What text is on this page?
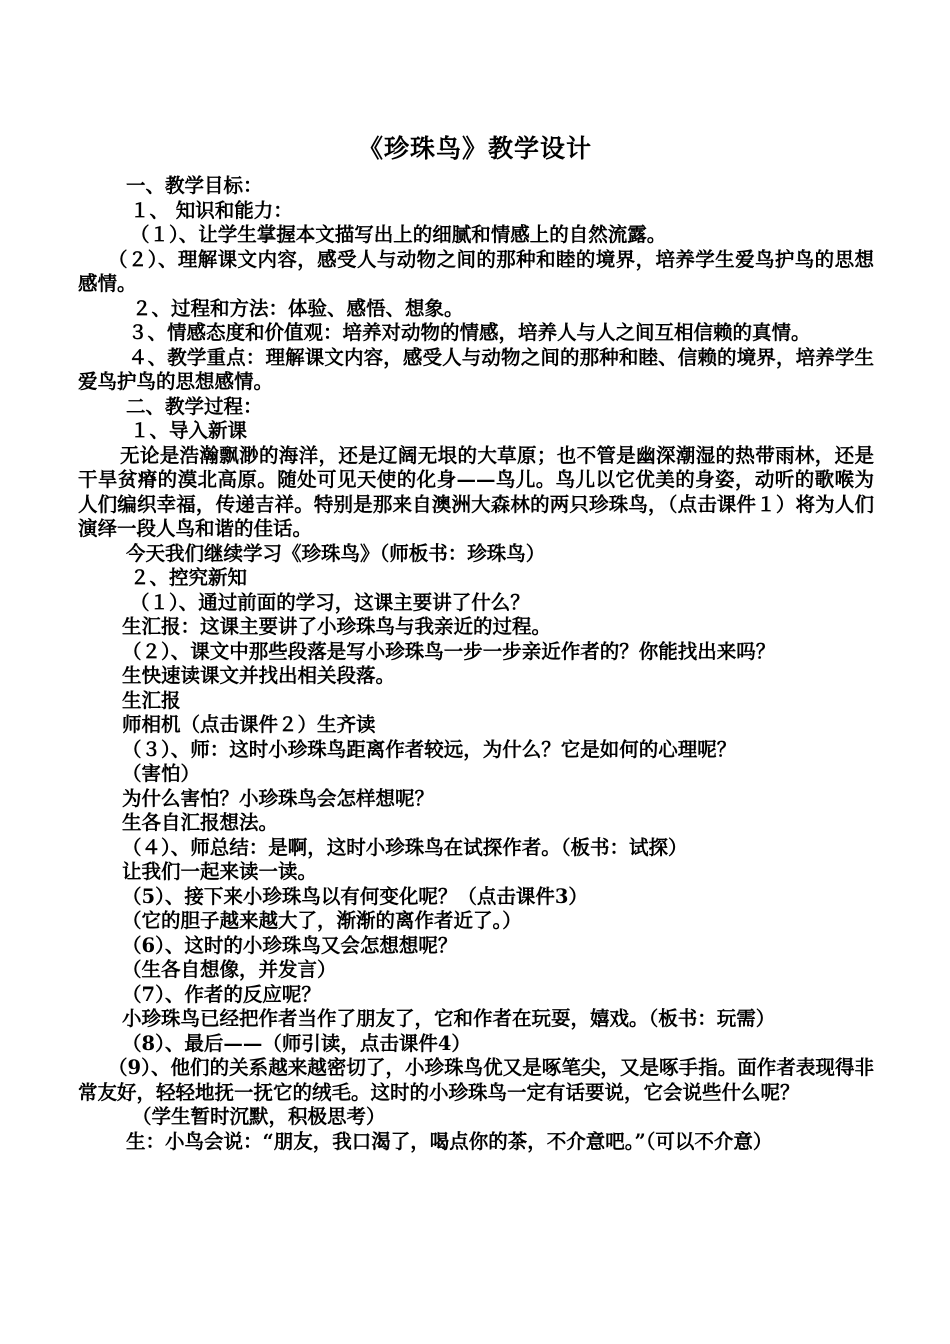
《珍珠鸟》教学设计

一、教学目标：

１、 知识和能力：

（１）、让学生掌握本文描写出上的细腻和情感上的自然流露。

（２）、理解课文内容，感受人与动物之间的那种和睦的境界，培养学生爱鸟护鸟的思想感情。

２、过程和方法：体验、感悟、想象。

３、情感态度和价值观：培养对动物的情感，培养人与人之间互相信赖的真情。

４、教学重点：理解课文内容，感受人与动物之间的那种和睦、信赖的境界，培养学生爱鸟护鸟的思想感情。

二、教学过程：

１、导入新课

无论是浩瀚飘渺的海洋，还是辽阔无垠的大草原；也不管是幽深潮湿的热带雨林，还是干旱贫瘠的漠北高原。随处可见天使的化身——鸟儿。鸟儿以它优美的身姿，动听的歌喉为人们编织幸福，传递吉祥。特别是那来自澳洲大森林的两只珍珠鸟，（点击课件１）将为人们演绎一段人鸟和谐的佳话。

今天我们继续学习《珍珠鸟》（师板书：珍珠鸟）

２、控究新知

（１）、通过前面的学习，这课主要讲了什么？

生汇报：这课主要讲了小珍珠鸟与我亲近的过程。

（２）、课文中那些段落是写小珍珠鸟一步一步亲近作者的？你能找出来吗？

生快速读课文并找出相关段落。

生汇报

师相机（点击课件２）生齐读

（３）、师：这时小珍珠鸟距离作者较远，为什么？它是如何的心理呢？

（害怕）

为什么害怕？小珍珠鸟会怎样想呢？

生各自汇报想法。

（４）、师总结：是啊，这时小珍珠鸟在试探作者。（板书：试探）

让我们一起来读一读。

（5）、接下来小珍珠鸟以有何变化呢？（点击课件3）

（它的胆子越来越大了，渐渐的离作者近了。）

（6）、这时的小珍珠鸟又会怎想想呢？

（生各自想像，并发言）

（7）、作者的反应呢？

小珍珠鸟已经把作者当作了朋友了，它和作者在玩耍，嬉戏。（板书：玩需）

（8）、最后——（师引读，点击课件4）

（9）、他们的关系越来越密切了，小珍珠鸟优又是啄笔尖，又是啄手指。面作者表现得非常友好，轻轻地抚一抚它的绒毛。这时的小珍珠鸟一定有话要说，它会说些什么呢？

（学生暂时沉默，积极思考）

生：小鸟会说：“朋友，我口渴了，喝点你的茶，不介意吧。”（可以不介意）
